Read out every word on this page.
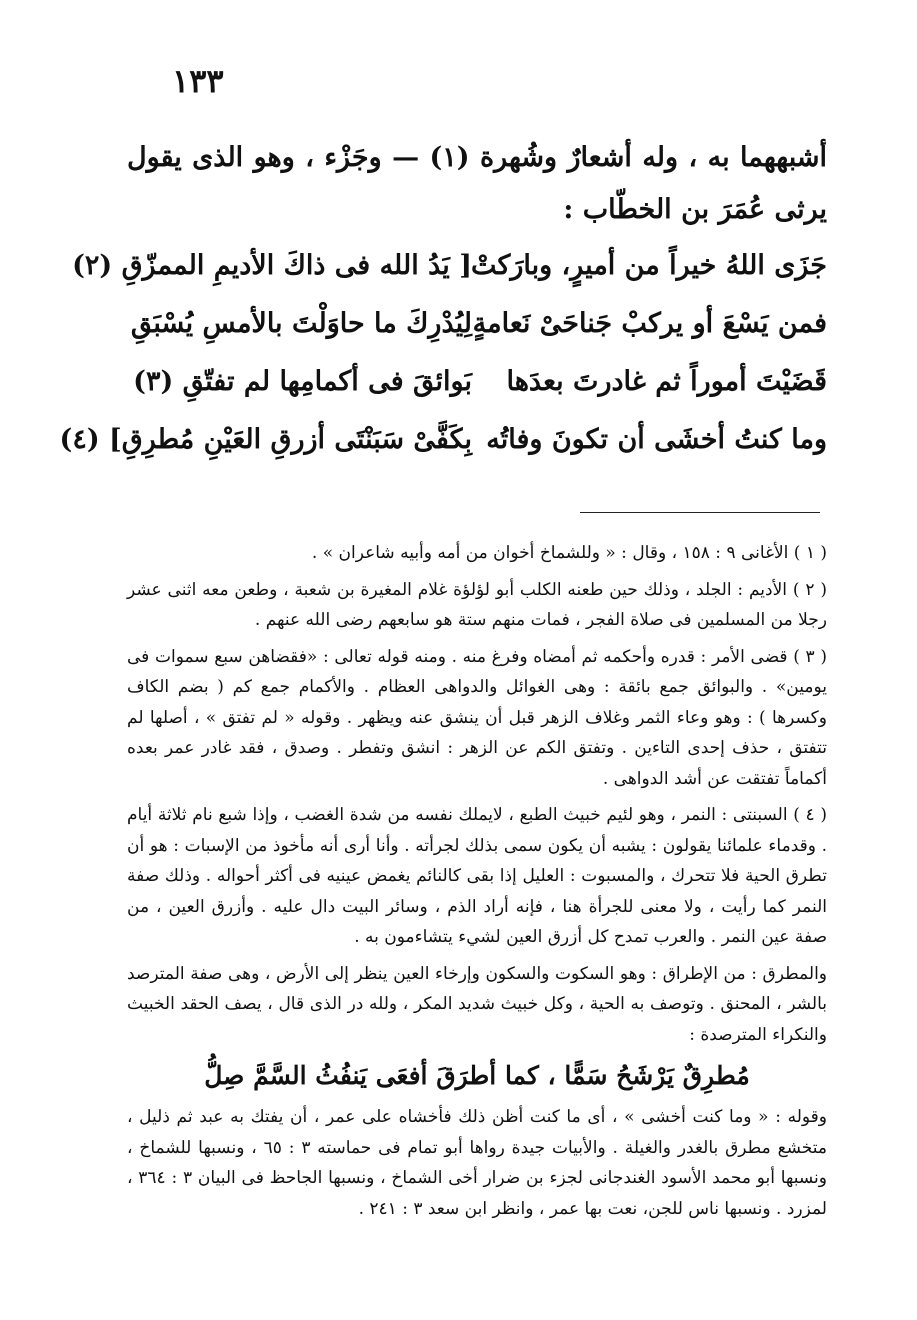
١٣٣
أشبههما به ، وله أشعارٌ وشُهرة (١) — وجَزْء ، وهو الذى يقول يرثى عُمَرَ بن الخطّاب :
جَزَى اللهُ خيراً من أميرٍ، وبارَكتْ
[ يَدُ الله فى ذاكَ الأديمِ الممزّقِ (٢)
فمن يَسْعَ أو يركبْ جَناحَىْ نَعامةٍ
لِيُدْرِكَ ما حاوَلْتَ بالأمسِ يُسْبَقِ
قَضَيْتَ أموراً ثم غادرتَ بعدَها
بَوائقَ فى أكمامِها لم تفتّقِ (٣)
وما كنتُ أخشَى أن تكونَ وفاتُه
بِكَفَّىْ سَبَنْتَى أزرقِ العَيْنِ مُطرِقِ] (٤)

( ١ ) الأغانى ٩ : ١٥٨ ، وقال : « وللشماخ أخوان من أمه وأبيه شاعران » .

( ٢ ) الأديم : الجلد ، وذلك حين طعنه الكلب أبو لؤلؤة غلام المغيرة بن شعبة ، وطعن معه اثنى عشر رجلا من المسلمين فى صلاة الفجر ، فمات منهم ستة هو سابعهم رضى الله عنهم .

( ٣ ) قضى الأمر : قدره وأحكمه ثم أمضاه وفرغ منه . ومنه قوله تعالى : «فقضاهن سبع سموات فى يومين» . والبوائق جمع بائقة : وهى الغوائل والدواهى العظام . والأكمام جمع كم ( بضم الكاف وكسرها ) : وهو وعاء الثمر وغلاف الزهر قبل أن ينشق عنه ويظهر . وقوله « لم تفتق » ، أصلها لم تتفتق ، حذف إحدى التاءين . وتفتق الكم عن الزهر : انشق وتفطر . وصدق ، فقد غادر عمر بعده أكماماً تفتقت عن أشد الدواهى .

( ٤ ) السبنتى : النمر ، وهو لئيم خبيث الطبع ، لايملك نفسه من شدة الغضب ، وإذا شبع نام ثلاثة أيام . وقدماء علمائنا يقولون : يشبه أن يكون سمى بذلك لجرأته . وأنا أرى أنه مأخوذ من الإسبات : هو أن تطرق الحية فلا تتحرك ، والمسبوت : العليل إذا بقى كالنائم يغمض عينيه فى أكثر أحواله . وذلك صفة النمر كما رأيت ، ولا معنى للجرأة هنا ، فإنه أراد الذم ، وسائر البيت دال عليه . وأزرق العين ، من صفة عين النمر . والعرب تمدح كل أزرق العين لشيء يتشاءمون به .

والمطرق : من الإطراق : وهو السكوت والسكون وإرخاء العين ينظر إلى الأرض ، وهى صفة المترصد بالشر ، المحنق . وتوصف به الحية ، وكل خبيث شديد المكر ، ولله در الذى قال ، يصف الحقد الخبيث والنكراء المترصدة :

مُطرِقٌ يَرْشَحُ سَمًّا ، كما أطرَقَ أفعَى يَنفُثُ السَّمَّ صِلُّ

وقوله : « وما كنت أخشى » ، أى ما كنت أظن ذلك فأخشاه على عمر ، أن يفتك به عبد ثم ذليل ، متخشع مطرق بالغدر والغيلة . والأبيات جيدة رواها أبو تمام فى حماسته ٣ : ٦٥ ، ونسبها للشماخ ، ونسبها أبو محمد الأسود الغندجانى لجزء بن ضرار أخى الشماخ ، ونسبها الجاحظ فى البيان ٣ : ٣٦٤ ، لمزرد . ونسبها ناس للجن، نعت بها عمر ، وانظر ابن سعد ٣ : ٢٤١ .
